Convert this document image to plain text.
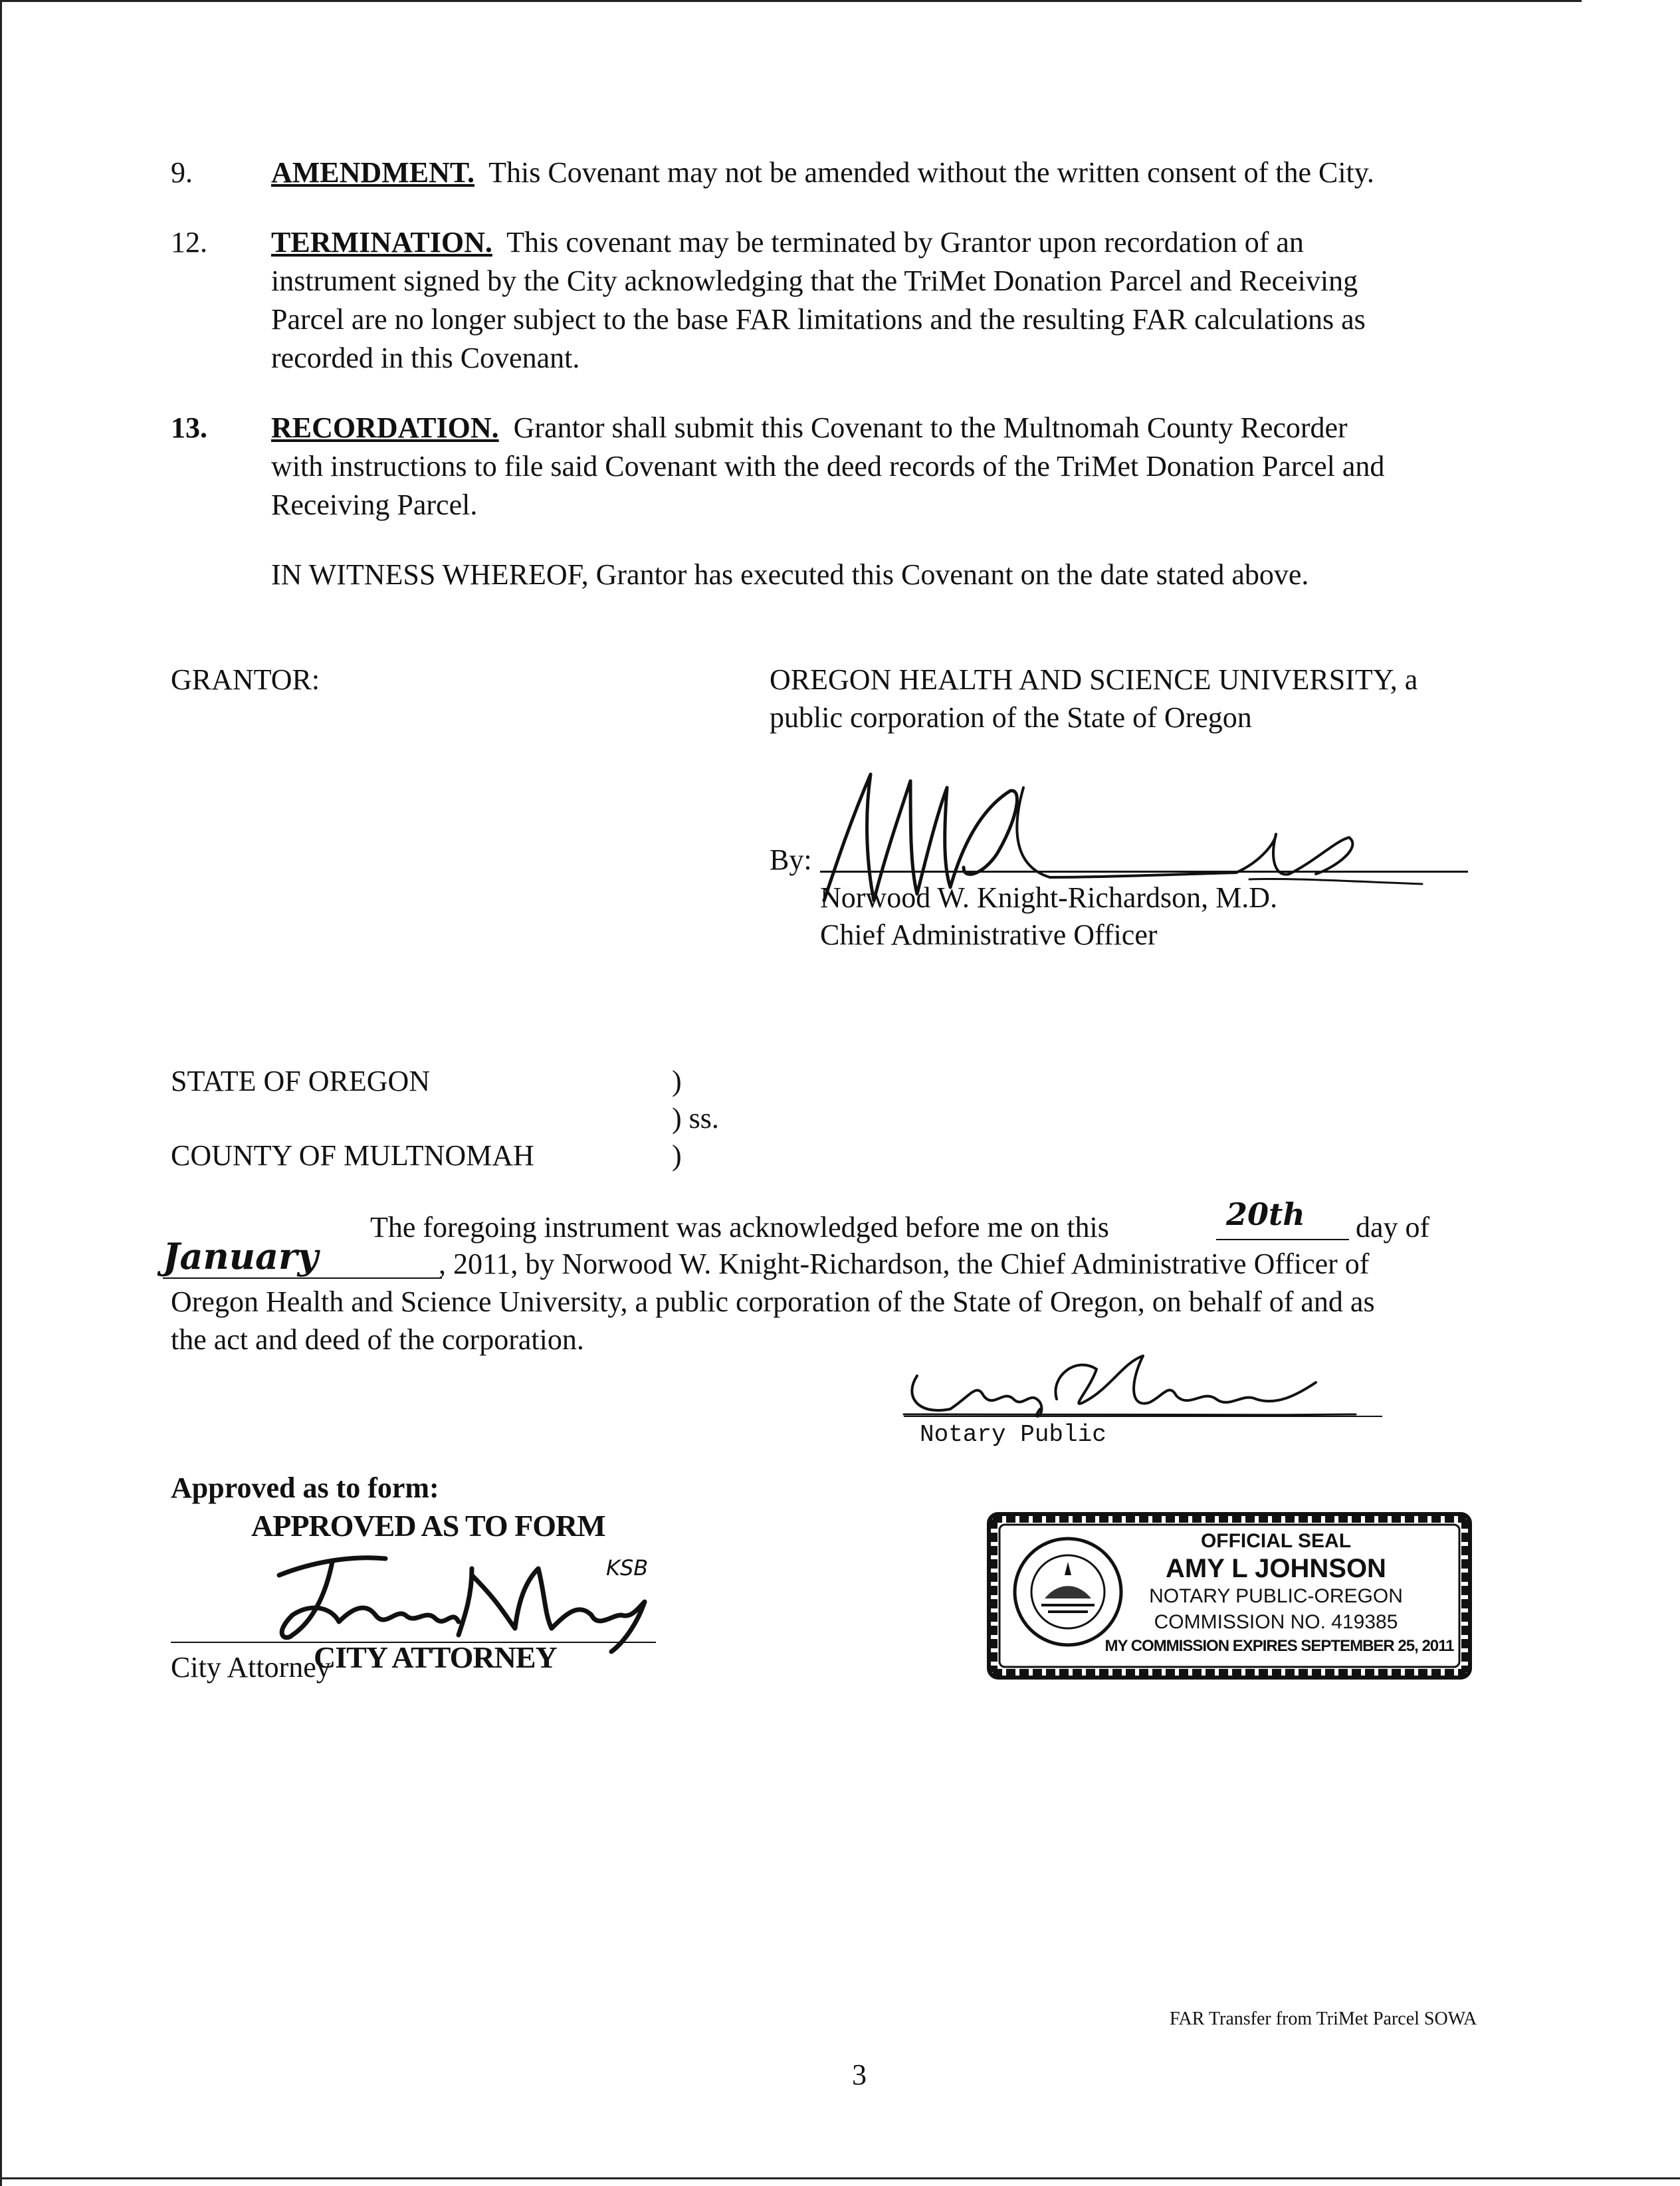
9.	AMENDMENT. This Covenant may not be amended without the written consent of the City.
12. TERMINATION. This covenant may be terminated by Grantor upon recordation of an
instrument signed by the City acknowledging that the TriMet Donation Parcel and Receiving
Parcel are no longer subject to the base FAR limitations and the resulting FAR calculations as
recorded in this Covenant.
13. RECORDATION. Grantor shall submit this Covenant to the Multnomah County Recorder
with instructions to file said Covenant with the deed records of the TriMet Donation Parcel and
Receiving Parcel.
IN WITNESS WHEREOF, Grantor has executed this Covenant on the date stated above.
GRANTOR:	OREGON HEALTH AND SCIENCE UNIVERSITY, a
public corporation of the State of Oregon
By:
Norwood W. Knight-Richardson, M.D.
Chief Administrative Officer
STATE OF OREGON	)
) ss.
COUNTY OF MULTNOMAH	)
The foregoing instrument was acknowledged before me on this	20th day of
January	, 2011, by Norwood W. Knight-Richardson, the Chief Administrative Officer of
Oregon Health and Science University, a public corporation of the State of Oregon, on behalf of and as
the act and deed of the corporation.
Notary Public
Approved as to form:
APPROVED AS TO FORM
KSB
City Attorney
CITY ATTORNEY
OFFICIAL SEAL
AMY L JOHNSON
NOTARY PUBLIC-OREGON
COMMISSION NO. 419385
MY COMMISSION EXPIRES SEPTEMBER 25, 2011
3
FAR Transfer from TriMet Parcel SOWA
